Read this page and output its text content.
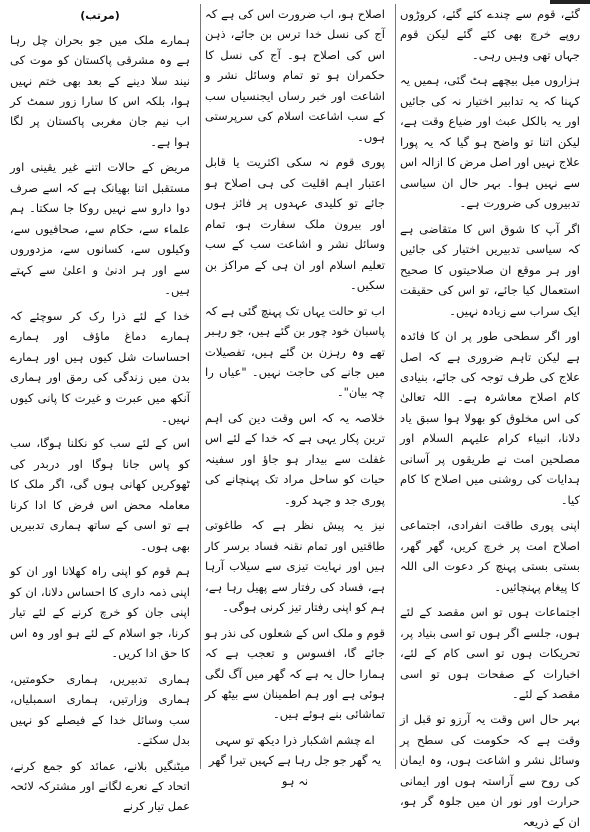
گئے، قوم سے چندے کئے گئے، کروڑوں روپے خرچ بھی کئے گئے لیکن قوم جہاں تھی وہیں رہی۔

ہزاروں میل بیچھے ہٹ گئی، ہمیں یہ کہنا کہ یہ تدابیر اختیار نہ کی جائیں اور یہ بالکل عبث اور ضیاع وقت ہے، لیکن اتنا تو واضح ہو گیا کہ یہ پورا علاج نہیں اور اصل مرض کا ازالہ اس سے نہیں ہوا۔ بہر حال ان سیاسی تدبیروں کی ضرورت ہے۔

اگر آپ کا شوق اس کا متقاضی ہے کہ سیاسی تدبیریں اختیار کی جائیں اور ہر موقع ان صلاحیتوں کا صحیح استعمال کیا جائے، تو اس کی حقیقت ایک سراب سے زیادہ نہیں۔

اور اگر سطحی طور پر ان کا فائدہ ہے لیکن تاہم ضروری ہے کہ اصل علاج کی طرف توجہ کی جائے، بنیادی کام اصلاح معاشرہ ہے۔ اللہ تعالیٰ کی اس مخلوق کو بھولا ہوا سبق یاد دلانا، انبیاء کرام علیہم السلام اور مصلحین امت نے طریقوں پر آسانی ہدایات کی روشنی میں اصلاح کا کام کیا۔

اپنی پوری طاقت انفرادی، اجتماعی اصلاح امت پر خرچ کریں، گھر گھر، بستی بستی پہنچ کر دعوت الی اللہ کا پیغام پہنچائیں۔

اجتماعات ہوں تو اس مقصد کے لئے ہوں، جلسے اگر ہوں تو اسی بنیاد پر، تحریکات ہوں تو اسی کام کے لئے، اخبارات کے صفحات ہوں تو اسی مقصد کے لئے۔

بہر حال اس وقت یہ آرزو تو قبل از وقت ہے کہ حکومت کی سطح پر وسائل نشر و اشاعت ہوں، وہ ایمان کی روح سے آراستہ ہوں اور ایمانی حرارت اور نور ان میں جلوہ گر ہو، ان کے ذریعہ

اصلاح ہو، اب ضرورت اس کی ہے کہ آج کی نسل خدا ترس بن جائے، ذہن اس کی اصلاح ہو۔ آج کی نسل کا حکمران ہو تو تمام وسائل نشر و اشاعت اور خبر رساں ایجنسیاں سب کے سب اشاعت اسلام کی سرپرستی ہوں۔

پوری قوم نہ سکی اکثریت یا قابل اعتبار اہم اقلیت کی ہی اصلاح ہو جائے تو کلیدی عہدوں پر فائز ہوں اور بیرون ملک سفارت ہو، تمام وسائل نشر و اشاعت سب کے سب تعلیم اسلام اور ان ہی کے مراکز بن سکیں۔

اب تو حالت یہاں تک پہنچ گئی ہے کہ پاسبان خود چور بن گئے ہیں، جو رہبر تھے وہ رہزن بن گئے ہیں، تفصیلات میں جانے کی حاجت نہیں۔ "عیاں را چہ بیان"۔

خلاصہ یہ کہ اس وقت دین کی اہم ترین پکار یہی ہے کہ خدا کے لئے اس غفلت سے بیدار ہو جاؤ اور سفینہ حیات کو ساحل مراد تک پہنچانے کی پوری جد و جہد کرو۔

نیز یہ پیش نظر ہے کہ طاغوتی طاقتیں اور تمام نقنہ فساد برسر کار ہیں اور نہایت تیزی سے سیلاب آرہا ہے، فساد کی رفتار سے پھیل رہا ہے، ہم کو اپنی رفتار تیز کرنی ہوگی۔

قوم و ملک اس کے شعلوں کی نذر ہو جائے گا، افسوس و تعجب ہے کہ ہمارا حال یہ ہے کہ گھر میں آگ لگی ہوئی ہے اور ہم اطمینان سے بیٹھ کر تماشائی بنے ہوئے ہیں۔

اے چشم اشکبار ذرا دیکھ تو سہی

یہ گھر جو جل رہا ہے کہیں تیرا گھر نہ ہو

(مرتب)

ہمارے ملک میں جو بحران چل رہا ہے وہ مشرقی پاکستان کو موت کی نیند سلا دینے کے بعد بھی ختم نہیں ہوا، بلکہ اس کا سارا زور سمٹ کر اب نیم جان مغربی پاکستان پر لگا ہوا ہے۔

مریض کے حالات اتنے غیر یقینی اور مستقبل اتنا بھیانک ہے کہ اسے صرف دوا دارو سے نہیں روکا جا سکتا۔ ہم علماء سے، حکام سے، صحافیوں سے، وکیلوں سے، کسانوں سے، مزدوروں سے اور ہر ادنیٰ و اعلیٰ سے کہتے ہیں۔

خدا کے لئے ذرا رک کر سوچئے کہ ہمارے دماغ ماؤف اور ہمارے احساسات شل کیوں ہیں اور ہمارے بدن میں زندگی کی رمق اور ہماری آنکھ میں عبرت و غیرت کا پانی کیوں نہیں۔

اس کے لئے سب کو نکلنا ہوگا، سب کو پاس جانا ہوگا اور دربدر کی ٹھوکریں کھانی ہوں گی، اگر ملک کا معاملہ محض اس فرض کا ادا کرنا ہے تو اسی کے ساتھ ہماری تدبیریں بھی ہوں۔

ہم قوم کو اپنی راہ کھلانا اور ان کو اپنی ذمہ داری کا احساس دلانا، ان کو اپنی جان کو خرچ کرنے کے لئے تیار کرنا، جو اسلام کے لئے ہو اور وہ اس کا حق ادا کریں۔

ہماری تدبیریں، ہماری حکومتیں، ہماری وزارتیں، ہماری اسمبلیاں، سب وسائل خدا کے فیصلے کو نہیں بدل سکتے۔

میٹنگیں بلانے، عمائد کو جمع کرنے، اتحاد کے نعرے لگانے اور مشترکہ لائحہ عمل تیار کرنے
